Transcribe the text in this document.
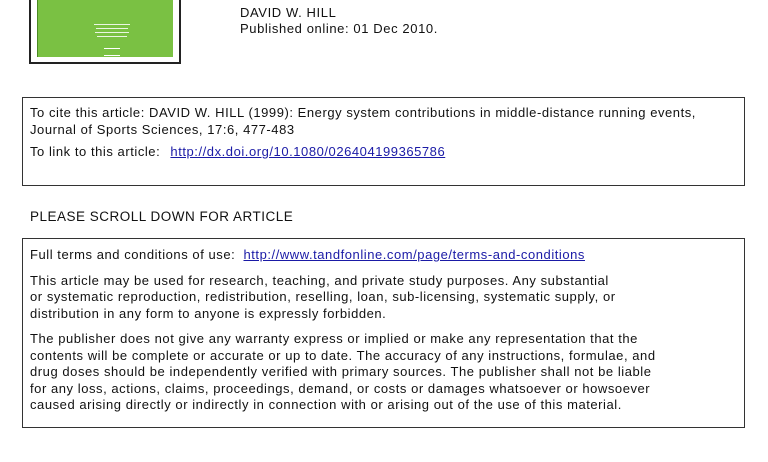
DAVID W. HILL
Published online: 01 Dec 2010.

To cite this article: DAVID W. HILL (1999): Energy system contributions in middle-distance running events,

Journal of Sports Sciences, 17:6, 477-483

To link to this article: http://dx.doi.org/10.1080/026404199365786

PLEASE SCROLL DOWN FOR ARTICLE

Full terms and conditions of use: http://www.tandfonline.com/page/terms-and-conditions

This article may be used for research, teaching, and private study purposes. Any substantial

or systematic reproduction, redistribution, reselling, loan, sub-licensing, systematic supply, or

distribution in any form to anyone is expressly forbidden.

The publisher does not give any warranty express or implied or make any representation that the

contents will be complete or accurate or up to date. The accuracy of any instructions, formulae, and

drug doses should be independently verified with primary sources. The publisher shall not be liable

for any loss, actions, claims, proceedings, demand, or costs or damages whatsoever or howsoever

caused arising directly or indirectly in connection with or arising out of the use of this material.
